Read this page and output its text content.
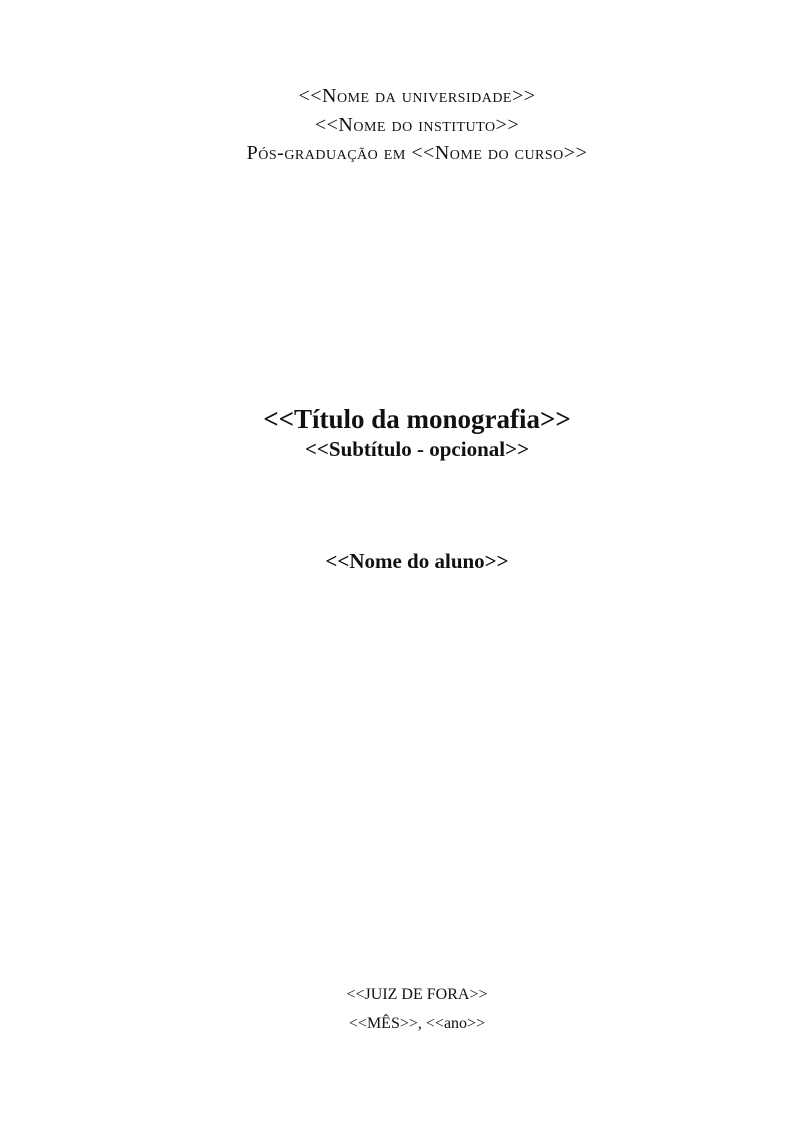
<<Nome da universidade>>
<<Nome do instituto>>
Pós-graduação em <<Nome do curso>>
<<Título da monografia>>
<<Subtítulo - opcional>>
<<Nome do aluno>>
<<JUIZ DE FORA>>
<<MÊS>>, <<ano>>
